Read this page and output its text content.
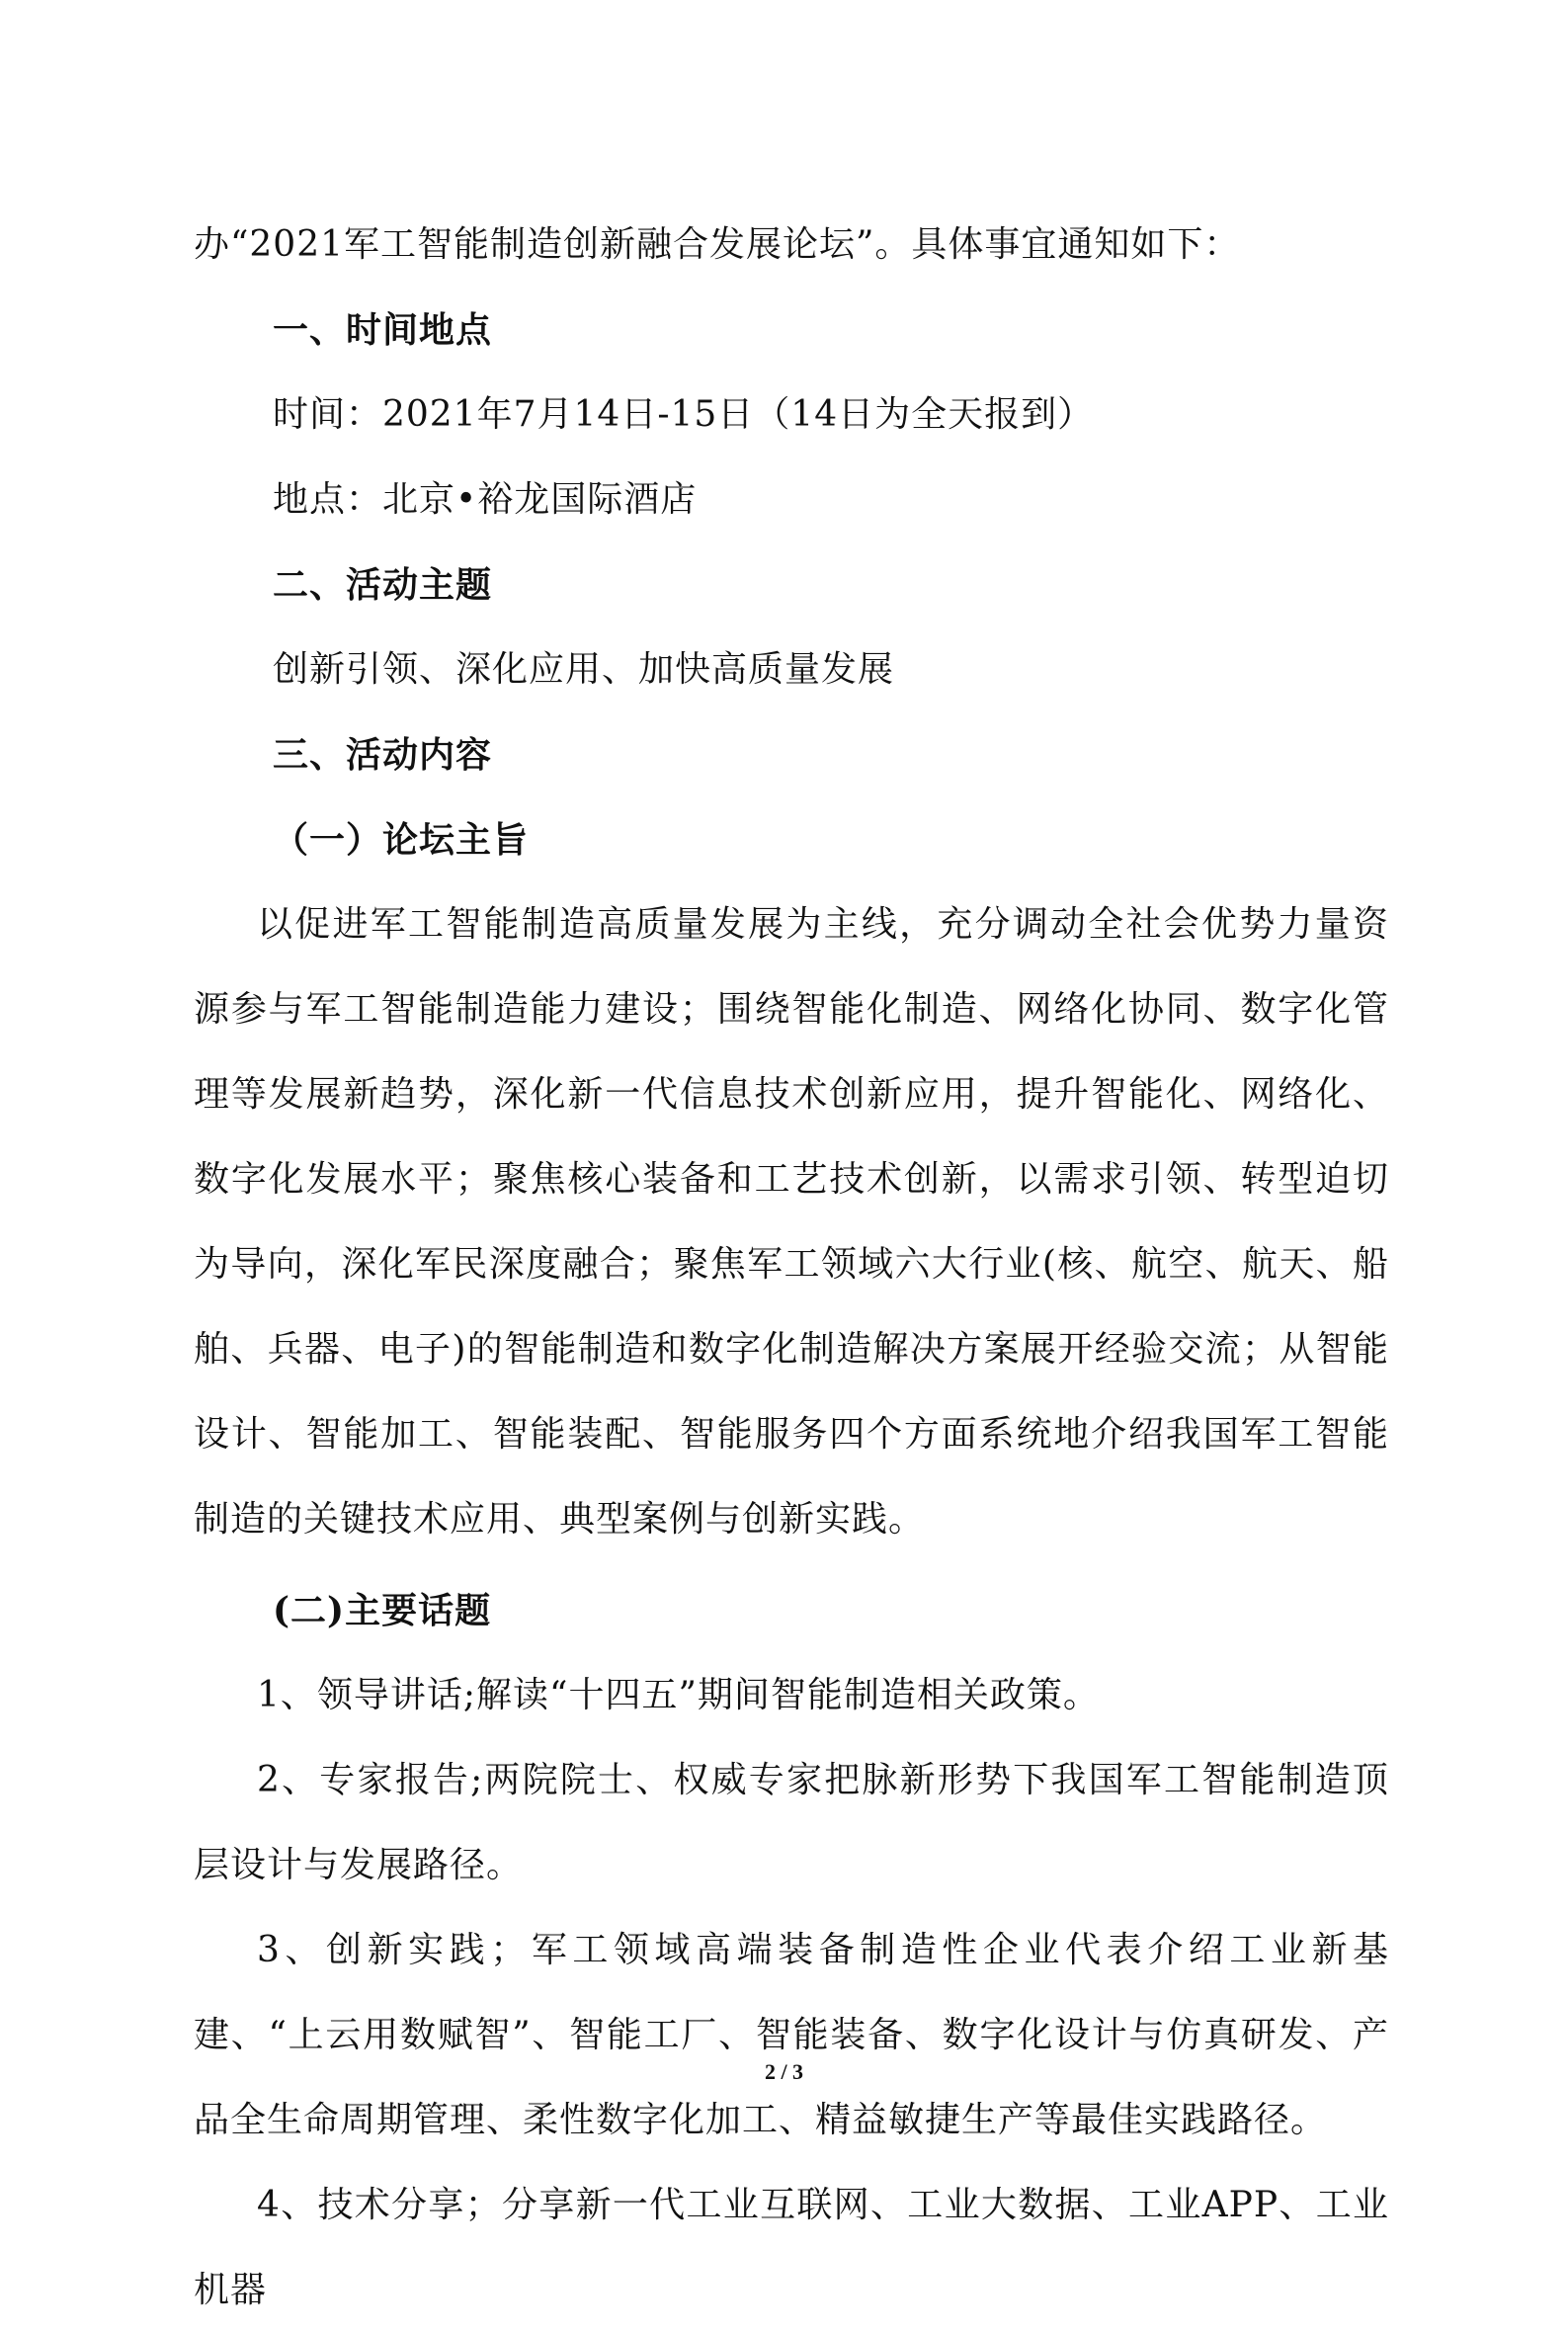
办“2021军工智能制造创新融合发展论坛”。具体事宜通知如下：
一、时间地点
时间：2021年7月14日-15日（14日为全天报到）
地点：北京•裕龙国际酒店
二、活动主题
创新引领、深化应用、加快高质量发展
三、活动内容
（一）论坛主旨
以促进军工智能制造高质量发展为主线，充分调动全社会优势力量资源参与军工智能制造能力建设；围绕智能化制造、网络化协同、数字化管理等发展新趋势，深化新一代信息技术创新应用，提升智能化、网络化、数字化发展水平；聚焦核心装备和工艺技术创新，以需求引领、转型迫切为导向，深化军民深度融合；聚焦军工领域六大行业(核、航空、航天、船舶、兵器、电子)的智能制造和数字化制造解决方案展开经验交流；从智能设计、智能加工、智能装配、智能服务四个方面系统地介绍我国军工智能制造的关键技术应用、典型案例与创新实践。
(二)主要话题
1、领导讲话;解读“十四五”期间智能制造相关政策。
2、专家报告;两院院士、权威专家把脉新形势下我国军工智能制造顶层设计与发展路径。
3、创新实践；军工领域高端装备制造性企业代表介绍工业新基建、“上云用数赋智”、智能工厂、智能装备、数字化设计与仿真研发、产品全生命周期管理、柔性数字化加工、精益敏捷生产等最佳实践路径。
4、技术分享；分享新一代工业互联网、工业大数据、工业APP、工业机器
2 / 3
